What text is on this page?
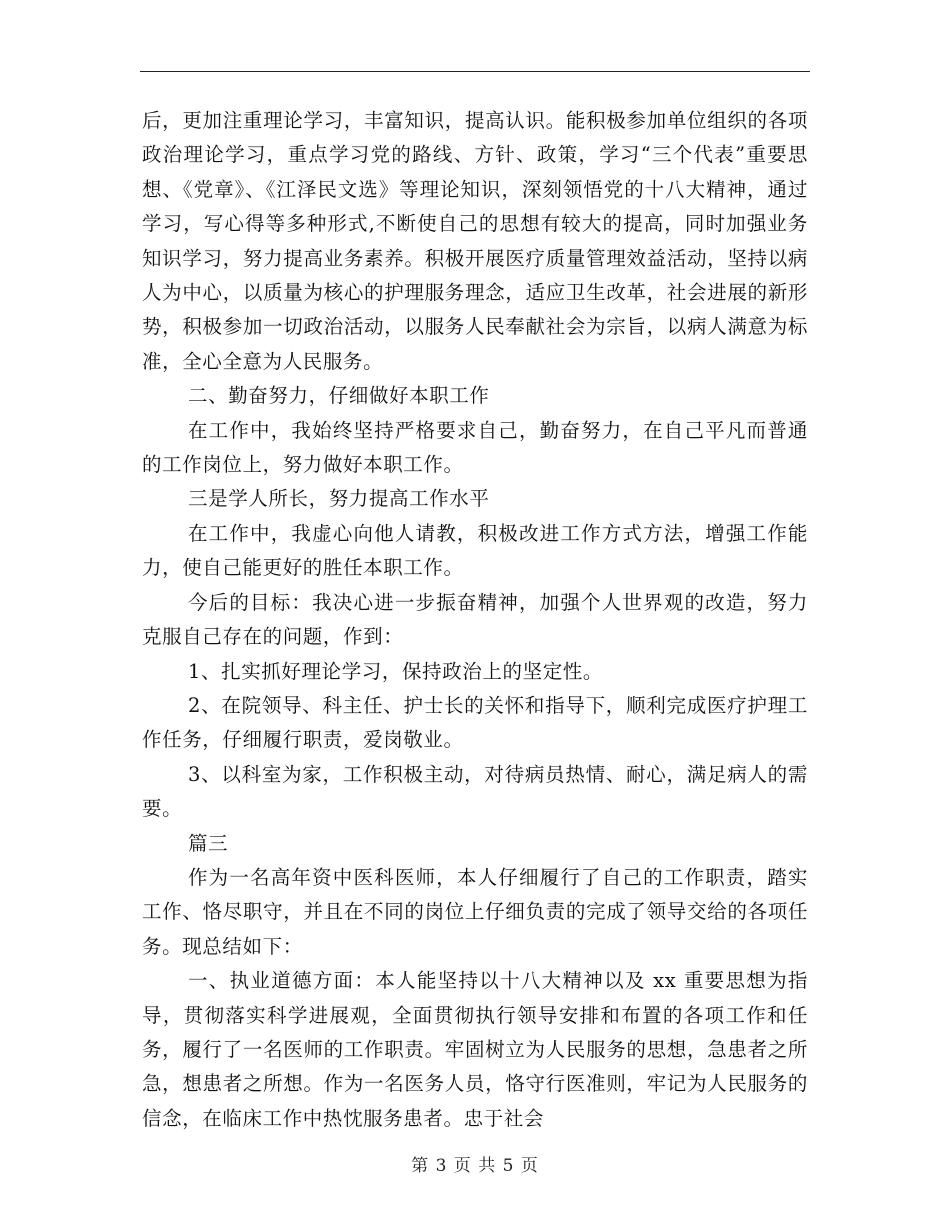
后，更加注重理论学习，丰富知识，提高认识。能积极参加单位组织的各项政治理论学习，重点学习党的路线、方针、政策，学习“三个代表”重要思想、《党章》、《江泽民文选》等理论知识，深刻领悟党的十八大精神，通过学习，写心得等多种形式,不断使自己的思想有较大的提高，同时加强业务知识学习，努力提高业务素养。积极开展医疗质量管理效益活动，坚持以病人为中心，以质量为核心的护理服务理念，适应卫生改革，社会进展的新形势，积极参加一切政治活动，以服务人民奉献社会为宗旨，以病人满意为标准，全心全意为人民服务。

二、勤奋努力，仔细做好本职工作

在工作中，我始终坚持严格要求自己，勤奋努力，在自己平凡而普通的工作岗位上，努力做好本职工作。

三是学人所长，努力提高工作水平

在工作中，我虚心向他人请教，积极改进工作方式方法，增强工作能力，使自己能更好的胜任本职工作。

今后的目标：我决心进一步振奋精神，加强个人世界观的改造，努力克服自己存在的问题，作到：

1、扎实抓好理论学习，保持政治上的坚定性。

2、在院领导、科主任、护士长的关怀和指导下，顺利完成医疗护理工作任务，仔细履行职责，爱岗敬业。

3、以科室为家，工作积极主动，对待病员热情、耐心，满足病人的需要。

篇三

作为一名高年资中医科医师，本人仔细履行了自己的工作职责，踏实工作、恪尽职守，并且在不同的岗位上仔细负责的完成了领导交给的各项任务。现总结如下：

一、执业道德方面：本人能坚持以十八大精神以及 xx 重要思想为指导，贯彻落实科学进展观，全面贯彻执行领导安排和布置的各项工作和任务，履行了一名医师的工作职责。牢固树立为人民服务的思想，急患者之所急，想患者之所想。作为一名医务人员，恪守行医准则，牢记为人民服务的信念，在临床工作中热忱服务患者。忠于社会

第 3 页 共 5 页
